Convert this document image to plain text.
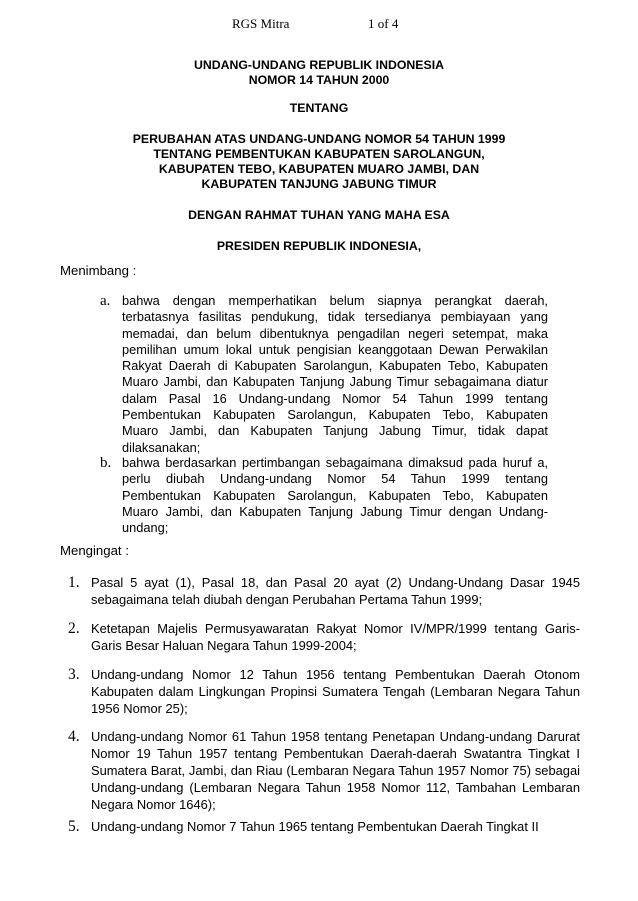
RGS Mitra	1 of 4
UNDANG-UNDANG REPUBLIK INDONESIA
NOMOR 14 TAHUN 2000
TENTANG
PERUBAHAN ATAS UNDANG-UNDANG NOMOR 54 TAHUN 1999
TENTANG PEMBENTUKAN KABUPATEN SAROLANGUN,
KABUPATEN TEBO, KABUPATEN MUARO JAMBI, DAN
KABUPATEN TANJUNG JABUNG TIMUR
DENGAN RAHMAT TUHAN YANG MAHA ESA
PRESIDEN REPUBLIK INDONESIA,
Menimbang :
a. bahwa dengan memperhatikan belum siapnya perangkat daerah,
terbatasnya fasilitas pendukung, tidak tersedianya pembiayaan yang
memadai, dan belum dibentuknya pengadilan negeri setempat, maka
pemilihan umum lokal untuk pengisian keanggotaan Dewan Perwakilan
Rakyat Daerah di Kabupaten Sarolangun, Kabupaten Tebo, Kabupaten
Muaro Jambi, dan Kabupaten Tanjung Jabung Timur sebagaimana diatur
dalam Pasal 16 Undang-undang Nomor 54 Tahun 1999 tentang
Pembentukan Kabupaten Sarolangun, Kabupaten Tebo, Kabupaten
Muaro Jambi, dan Kabupaten Tanjung Jabung Timur, tidak dapat
dilaksanakan;
b. bahwa berdasarkan pertimbangan sebagaimana dimaksud pada huruf a,
perlu diubah Undang-undang Nomor 54 Tahun 1999 tentang
Pembentukan Kabupaten Sarolangun, Kabupaten Tebo, Kabupaten
Muaro Jambi, dan Kabupaten Tanjung Jabung Timur dengan Undang-
undang;
Mengingat :
1. Pasal 5 ayat (1), Pasal 18, dan Pasal 20 ayat (2) Undang-Undang Dasar 1945
sebagaimana telah diubah dengan Perubahan Pertama Tahun 1999;
2. Ketetapan Majelis Permusyawaratan Rakyat Nomor IV/MPR/1999 tentang Garis-
Garis Besar Haluan Negara Tahun 1999-2004;
3. Undang-undang Nomor 12 Tahun 1956 tentang Pembentukan Daerah Otonom
Kabupaten dalam Lingkungan Propinsi Sumatera Tengah (Lembaran Negara Tahun
1956 Nomor 25);
4. Undang-undang Nomor 61 Tahun 1958 tentang Penetapan Undang-undang Darurat
Nomor 19 Tahun 1957 tentang Pembentukan Daerah-daerah Swatantra Tingkat I
Sumatera Barat, Jambi, dan Riau (Lembaran Negara Tahun 1957 Nomor 75) sebagai
Undang-undang (Lembaran Negara Tahun 1958 Nomor 112, Tambahan Lembaran
Negara Nomor 1646);
5. Undang-undang Nomor 7 Tahun 1965 tentang Pembentukan Daerah Tingkat II
